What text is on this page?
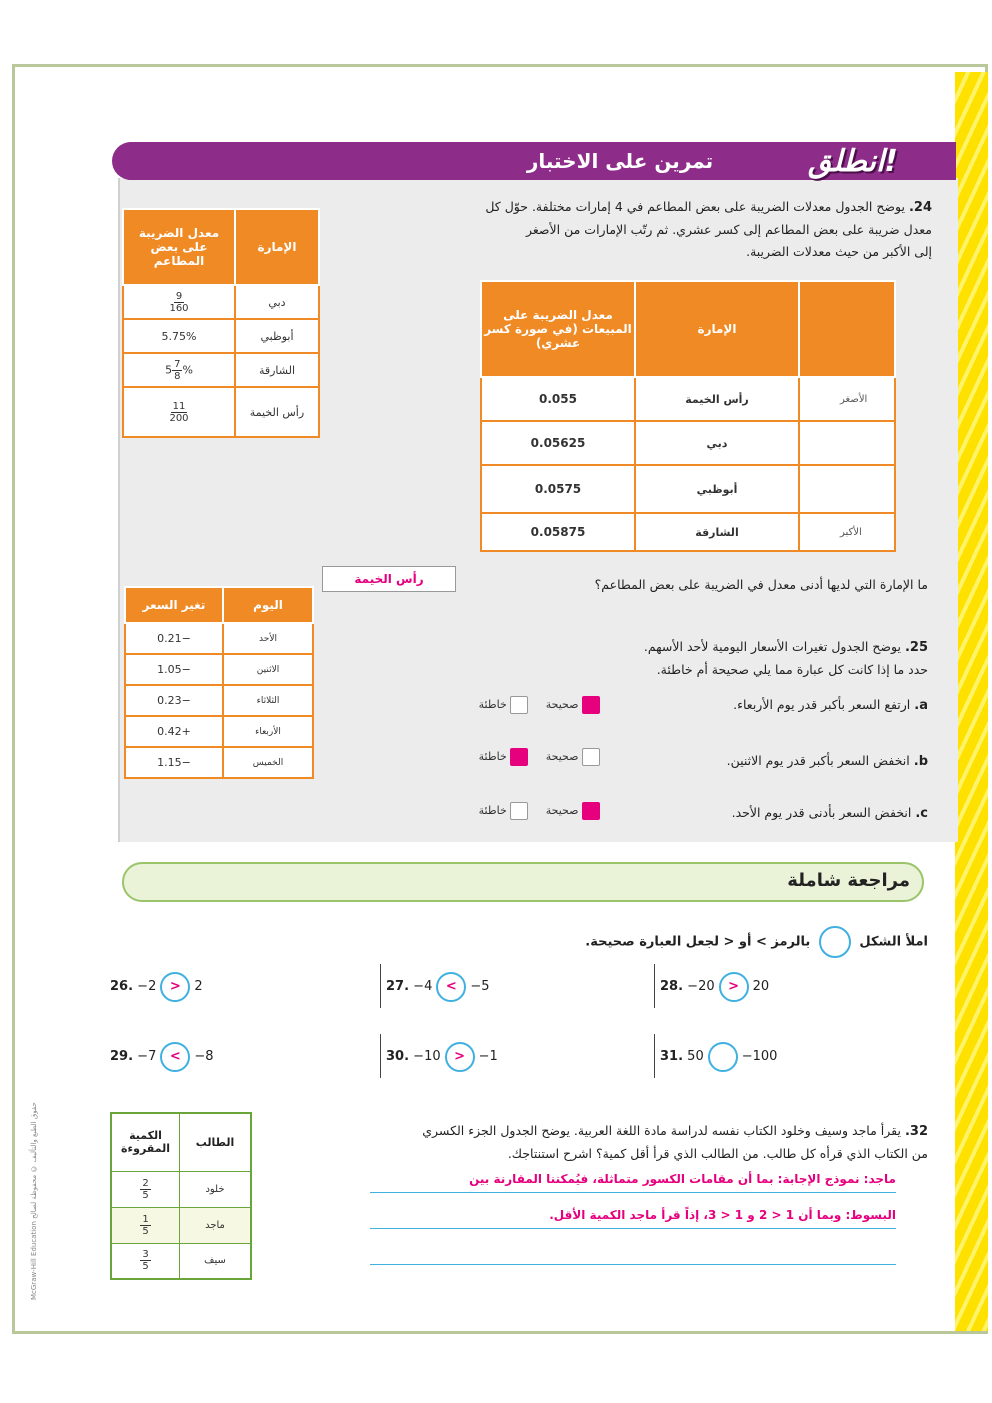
McGraw-Hill Education حقوق الطبع والتأليف © محفوظة لصالح
تمرين على الاختبار	انطلق!
24. يوضح الجدول معدلات الضريبة على بعض المطاعم في 4 إمارات مختلفة. حوّل كل
معدل ضريبة على بعض المطاعم إلى كسر عشري. ثم رتّب الإمارات من الأصغر
إلى الأكبر من حيث معدلات الضريبة.
الإمارة	معدل الضريبة على بعض المطاعم
دبي	$\frac{9}{160}$

أبوظبي	5.75%
الشارقة	$5 \frac{7}{8}$ %
رأس الخيمة	$\frac{11}{200}$
	الإمارة	معدل الضريبة على المبيعات (في صورة كسر عشري)
الأصغر	رأس الخيمة	0.055
	دبي	0.05625
	أبوظبي	0.0575
الأكبر	الشارقة	0.05875
ما الإمارة التي لديها أدنى معدل في الضريبة على بعض المطاعم؟
رأس الخيمة
25. يوضح الجدول تغيرات الأسعار اليومية لأحد الأسهم.
حدد ما إذا كانت كل عبارة مما يلي صحيحة أم خاطئة.
اليوم	تغير السعر
الأحد	−0.21
الاثنين	−1.05
الثلاثاء	−0.23
الأربعاء	+0.42
الخميس	−1.15
a. ارتفع السعر بأكبر قدر يوم الأربعاء.
b. انخفض السعر بأكبر قدر يوم الاثنين.
c. انخفض السعر بأدنى قدر يوم الأحد.
صحيحة      خاطئة
صحيحة      خاطئة
صحيحة      خاطئة
مراجعة شاملة
املأ الشكل  بالرمز > أو < لجعل العبارة صحيحة.
26. −2 > 2	27. −4 < −5	28. −20 > 20
29. −7 < −8	30. −10 > −1	31. 50	−100
32. يقرأ ماجد وسيف وخلود الكتاب نفسه لدراسة مادة اللغة العربية. يوضح الجدول الجزء الكسري
من الكتاب الذي قرأه كل طالب. من الطالب الذي قرأ أقل كمية؟ اشرح استنتاجك.
ماجد: نموذج الإجابة: بما أن مقامات الكسور متماثلة، فيُمكننا المقارنة بين
البسوط: وبما أن 1 < 2 و 1 < 3، إذاً قرأ ماجد الكمية الأقل.
الطالب	الكمية المقروءة
خلود	$\frac{2}{5}$

ماجد	$\frac{1}{5}$

سيف	$\frac{3}{5}$
